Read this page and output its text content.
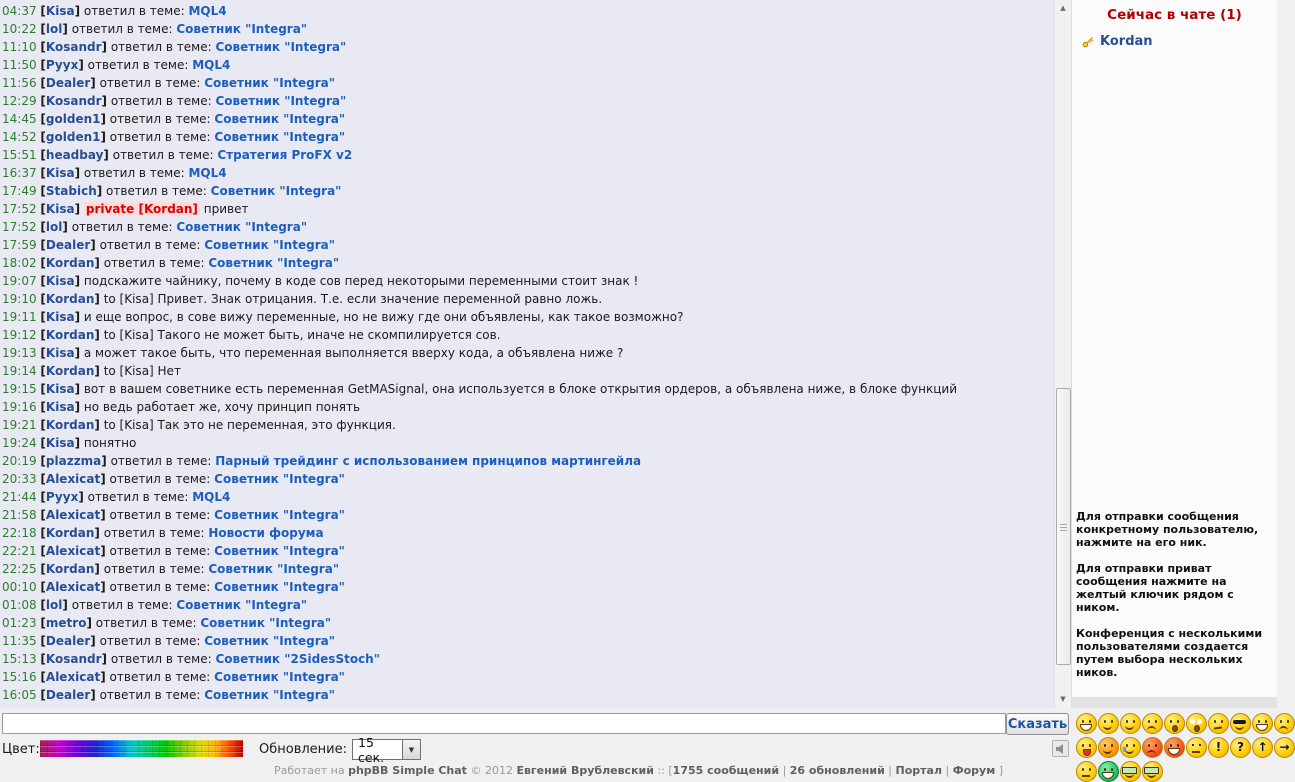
04:37 [Kisa] ответил в теме: MQL4
10:22 [lol] ответил в теме: Советник "Integra"
11:10 [Kosandr] ответил в теме: Советник "Integra"
11:50 [Pyyx] ответил в теме: MQL4
11:56 [Dealer] ответил в теме: Советник "Integra"
12:29 [Kosandr] ответил в теме: Советник "Integra"
14:45 [golden1] ответил в теме: Советник "Integra"
14:52 [golden1] ответил в теме: Советник "Integra"
15:51 [headbay] ответил в теме: Стратегия ProFX v2
16:37 [Kisa] ответил в теме: MQL4
17:49 [Stabich] ответил в теме: Советник "Integra"
17:52 [Kisa] private [Kordan] привет
17:52 [lol] ответил в теме: Советник "Integra"
17:59 [Dealer] ответил в теме: Советник "Integra"
18:02 [Kordan] ответил в теме: Советник "Integra"
19:07 [Kisa] подскажите чайнику, почему в коде сов перед некоторыми переменными стоит знак !
19:10 [Kordan] to [Kisa] Привет. Знак отрицания. Т.е. если значение переменной равно ложь.
19:11 [Kisa] и еще вопрос, в сове вижу переменные, но не вижу где они объявлены, как такое возможно?
19:12 [Kordan] to [Kisa] Такого не может быть, иначе не скомпилируется сов.
19:13 [Kisa] а может такое быть, что переменная выполняется вверху кода, а объявлена ниже ?
19:14 [Kordan] to [Kisa] Нет
19:15 [Kisa] вот в вашем советнике есть переменная GetMASignal, она используется в блоке открытия ордеров, а объявлена ниже, в блоке функций
19:16 [Kisa] но ведь работает же, хочу принцип понять
19:21 [Kordan] to [Kisa] Так это не переменная, это функция.
19:24 [Kisa] понятно
20:19 [plazzma] ответил в теме: Парный трейдинг с использованием принципов мартингейла
20:33 [Alexicat] ответил в теме: Советник "Integra"
21:44 [Pyyx] ответил в теме: MQL4
21:58 [Alexicat] ответил в теме: Советник "Integra"
22:18 [Kordan] ответил в теме: Новости форума
22:21 [Alexicat] ответил в теме: Советник "Integra"
22:25 [Kordan] ответил в теме: Советник "Integra"
00:10 [Alexicat] ответил в теме: Советник "Integra"
01:08 [lol] ответил в теме: Советник "Integra"
01:23 [metro] ответил в теме: Советник "Integra"
11:35 [Dealer] ответил в теме: Советник "Integra"
15:13 [Kosandr] ответил в теме: Советник "2SidesStoch"
15:16 [Alexicat] ответил в теме: Советник "Integra"
16:05 [Dealer] ответил в теме: Советник "Integra"
▲
▼
Сейчас в чате (1)
Kordan

Для отправки сообщения конкретному пользователю, нажмите на его ник.

Для отправки приват сообщения нажмите на желтый ключик рядом с ником.

Конференция с несколькими пользователями создается путем выбора нескольких ников.

Сказать
Цвет:	Обновление: 15 сек.	▼	!	?	↑ →
Работает на phpBB Simple Chat © 2012 Евгений Врублевский :: [1755 сообщений | 26 обновлений | Портал | Форум ]
